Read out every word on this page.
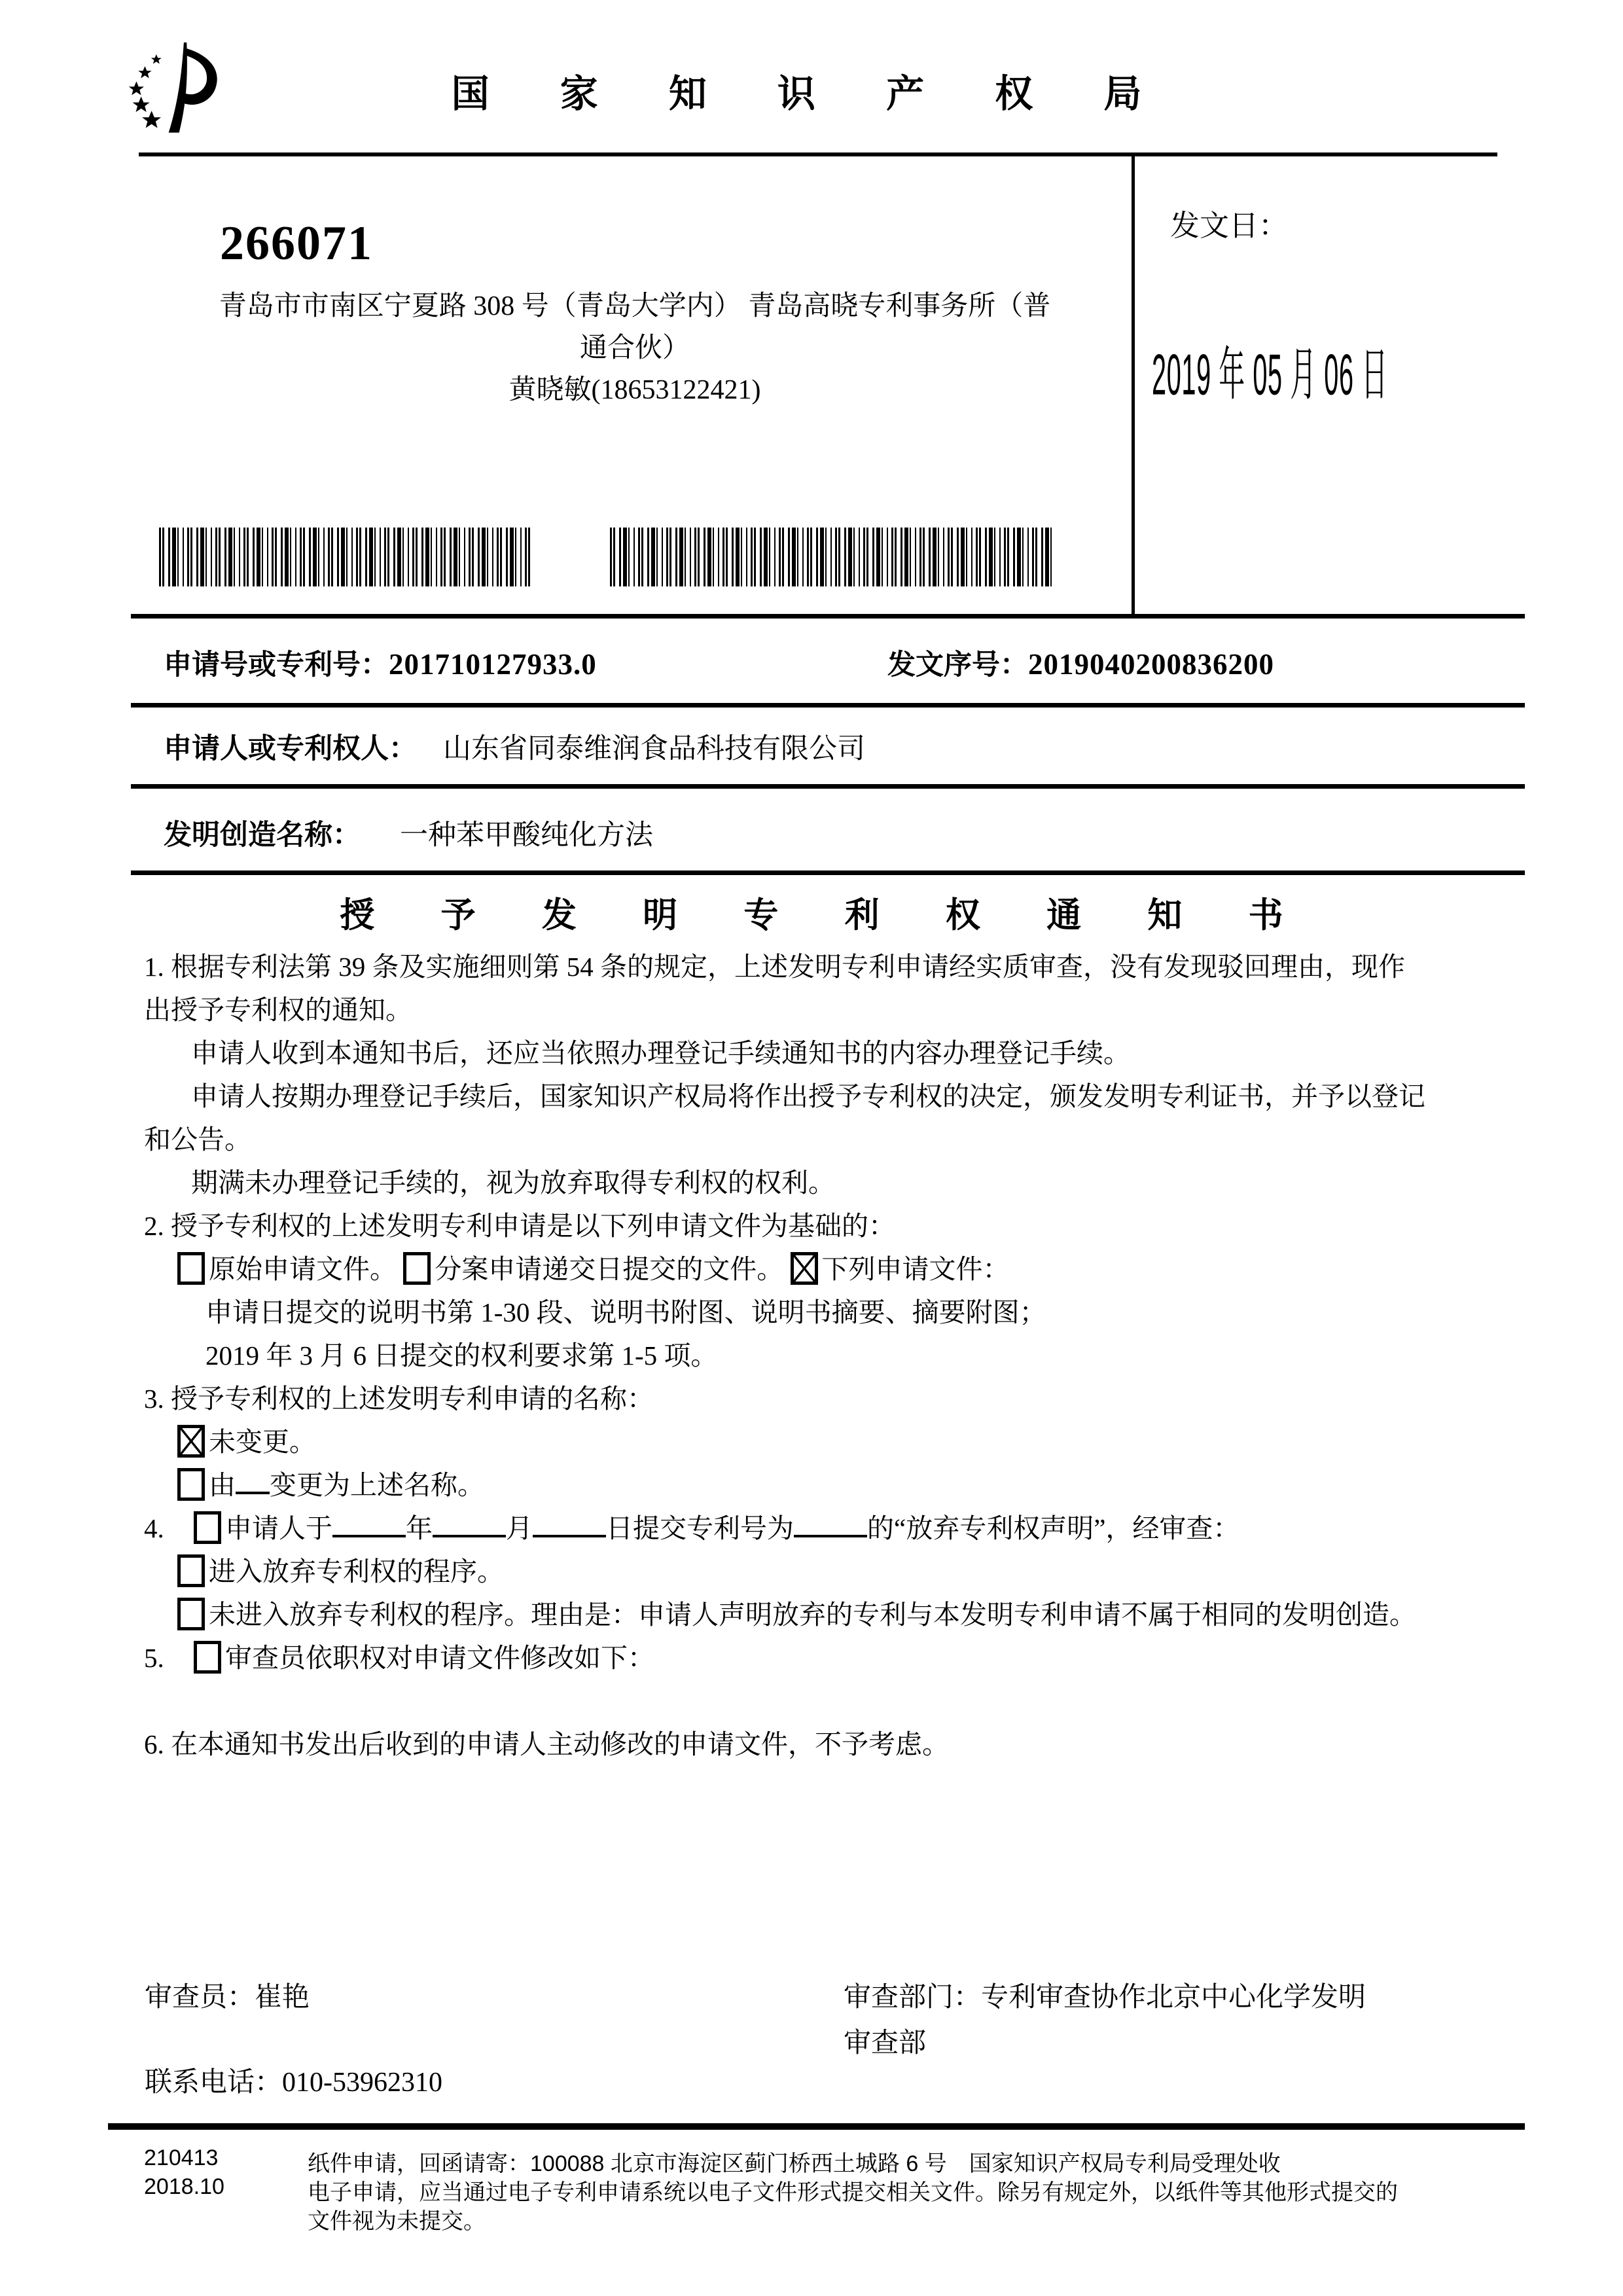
国 家 知 识 产 权 局
266071
青岛市市南区宁夏路 308 号（青岛大学内） 青岛高晓专利事务所（普
通合伙）
黄晓敏(18653122421)
发文日：
2019 年 05 月 06 日
申请号或专利号：201710127933.0	发文序号：2019040200836200
申请人或专利权人： 山东省同泰维润食品科技有限公司
发明创造名称： 一种苯甲酸纯化方法
授 予 发 明 专 利 权 通 知 书
1. 根据专利法第 39 条及实施细则第 54 条的规定，上述发明专利申请经实质审查，没有发现驳回理由，现作
出授予专利权的通知。
申请人收到本通知书后，还应当依照办理登记手续通知书的内容办理登记手续。
申请人按期办理登记手续后，国家知识产权局将作出授予专利权的决定，颁发发明专利证书，并予以登记
和公告。
期满未办理登记手续的，视为放弃取得专利权的权利。
2. 授予专利权的上述发明专利申请是以下列申请文件为基础的：
原始申请文件。 分案申请递交日提交的文件。 下列申请文件：
申请日提交的说明书第 1-30 段、说明书附图、说明书摘要、摘要附图；
2019 年 3 月 6 日提交的权利要求第 1-5 项。
3. 授予专利权的上述发明专利申请的名称：
未变更。
由 变更为上述名称。
4. 申请人于	年	月	日提交专利号为	的“放弃专利权声明”，经审查：
进入放弃专利权的程序。
未进入放弃专利权的程序。理由是：申请人声明放弃的专利与本发明专利申请不属于相同的发明创造。
5. 审查员依职权对申请文件修改如下：
6. 在本通知书发出后收到的申请人主动修改的申请文件，不予考虑。
审查员：崔艳	审查部门：专利审查协作北京中心化学发明
审查部
联系电话：010-53962310
210413
2018.10
纸件申请，回函请寄：100088 北京市海淀区蓟门桥西土城路 6 号　国家知识产权局专利局受理处收
电子申请，应当通过电子专利申请系统以电子文件形式提交相关文件。除另有规定外，以纸件等其他形式提交的
文件视为未提交。
